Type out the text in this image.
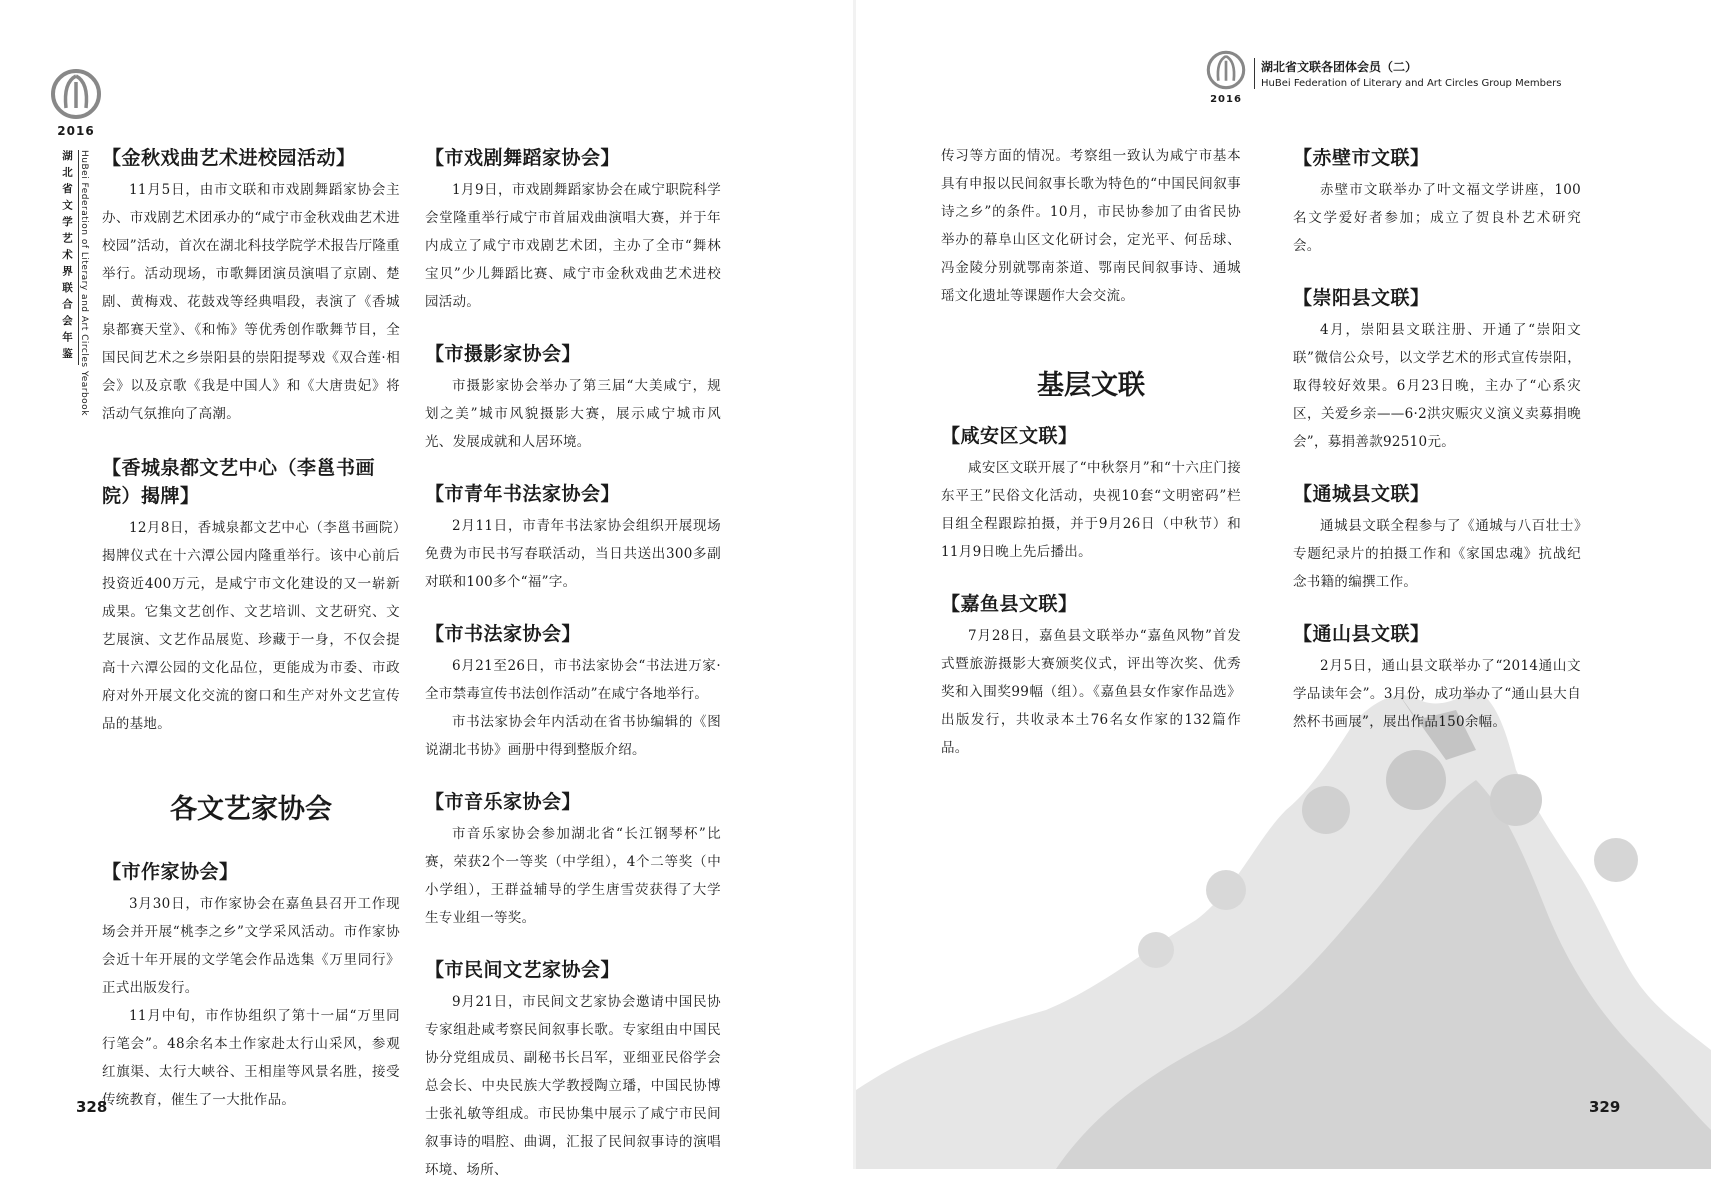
2016
湖北省文学艺术界联合会年鉴 HuBei Federation of Literary and Art Circles Yearbook 【金秋戏曲艺术进校园活动】

11月5日，由市文联和市戏剧舞蹈家协会主办、市戏剧艺术团承办的“咸宁市金秋戏曲艺术进校园”活动，首次在湖北科技学院学术报告厅隆重举行。活动现场，市歌舞团演员演唱了京剧、楚剧、黄梅戏、花鼓戏等经典唱段，表演了《香城泉都赛天堂》、《和怖》等优秀创作歌舞节目，全国民间艺术之乡崇阳县的崇阳提琴戏《双合莲·相会》以及京歌《我是中国人》和《大唐贵妃》将活动气氛推向了高潮。

【香城泉都文艺中心（李邕书画院）揭牌】

12月8日，香城泉都文艺中心（李邕书画院）揭牌仪式在十六潭公园内隆重举行。该中心前后投资近400万元，是咸宁市文化建设的又一崭新成果。它集文艺创作、文艺培训、文艺研究、文艺展演、文艺作品展览、珍藏于一身，不仅会提高十六潭公园的文化品位，更能成为市委、市政府对外开展文化交流的窗口和生产对外文艺宣传品的基地。

各文艺家协会
【市作家协会】

3月30日，市作家协会在嘉鱼县召开工作现场会并开展“桃李之乡”文学采风活动。市作家协会近十年开展的文学笔会作品选集《万里同行》正式出版发行。

11月中旬，市作协组织了第十一届“万里同行笔会”。48余名本土作家赴太行山采风，参观红旗渠、太行大峡谷、王相崖等风景名胜，接受传统教育，催生了一大批作品。

【市戏剧舞蹈家协会】

1月9日，市戏剧舞蹈家协会在咸宁职院科学会堂隆重举行咸宁市首届戏曲演唱大赛，并于年内成立了咸宁市戏剧艺术团，主办了全市“舞林宝贝”少儿舞蹈比赛、咸宁市金秋戏曲艺术进校园活动。

【市摄影家协会】

市摄影家协会举办了第三届“大美咸宁，规划之美”城市风貌摄影大赛，展示咸宁城市风光、发展成就和人居环境。

【市青年书法家协会】

2月11日，市青年书法家协会组织开展现场免费为市民书写春联活动，当日共送出300多副对联和100多个“福”字。

【市书法家协会】

6月21至26日，市书法家协会“书法进万家·全市禁毒宣传书法创作活动”在咸宁各地举行。

市书法家协会年内活动在省书协编辑的《图说湖北书协》画册中得到整版介绍。

【市音乐家协会】

市音乐家协会参加湖北省“长江钢琴杯”比赛，荣获2个一等奖（中学组），4个二等奖（中小学组），王群益辅导的学生唐雪荧获得了大学生专业组一等奖。

【市民间文艺家协会】

9月21日，市民间文艺家协会邀请中国民协专家组赴咸考察民间叙事长歌。专家组由中国民协分党组成员、副秘书长吕军，亚细亚民俗学会总会长、中央民族大学教授陶立璠，中国民协博士张礼敏等组成。市民协集中展示了咸宁市民间叙事诗的唱腔、曲调，汇报了民间叙事诗的演唱环境、场所、

328
2016
湖北省文联各团体会员（二）
HuBei Federation of Literary and Art Circles Group Members

传习等方面的情况。考察组一致认为咸宁市基本具有申报以民间叙事长歌为特色的“中国民间叙事诗之乡”的条件。10月，市民协参加了由省民协举办的幕阜山区文化研讨会，定光平、何岳球、冯金陵分别就鄂南茶道、鄂南民间叙事诗、通城瑶文化遗址等课题作大会交流。

基层文联
【咸安区文联】

咸安区文联开展了“中秋祭月”和“十六庄门接东平王”民俗文化活动，央视10套“文明密码”栏目组全程跟踪拍摄，并于9月26日（中秋节）和11月9日晚上先后播出。

【嘉鱼县文联】

7月28日，嘉鱼县文联举办“嘉鱼风物”首发式暨旅游摄影大赛颁奖仪式，评出等次奖、优秀奖和入围奖99幅（组）。《嘉鱼县女作家作品选》出版发行，共收录本土76名女作家的132篇作品。

【赤壁市文联】

赤壁市文联举办了叶文福文学讲座，100名文学爱好者参加；成立了贺良朴艺术研究会。

【崇阳县文联】

4月，崇阳县文联注册、开通了“崇阳文联”微信公众号，以文学艺术的形式宣传崇阳，取得较好效果。6月23日晚，主办了“心系灾区，关爱乡亲——6·2洪灾赈灾义演义卖募捐晚会”，募捐善款92510元。

【通城县文联】

通城县文联全程参与了《通城与八百壮士》专题纪录片的拍摄工作和《家国忠魂》抗战纪念书籍的编撰工作。

【通山县文联】

2月5日，通山县文联举办了“2014通山文学品读年会”。3月份，成功举办了“通山县大自然杯书画展”，展出作品150余幅。

329
